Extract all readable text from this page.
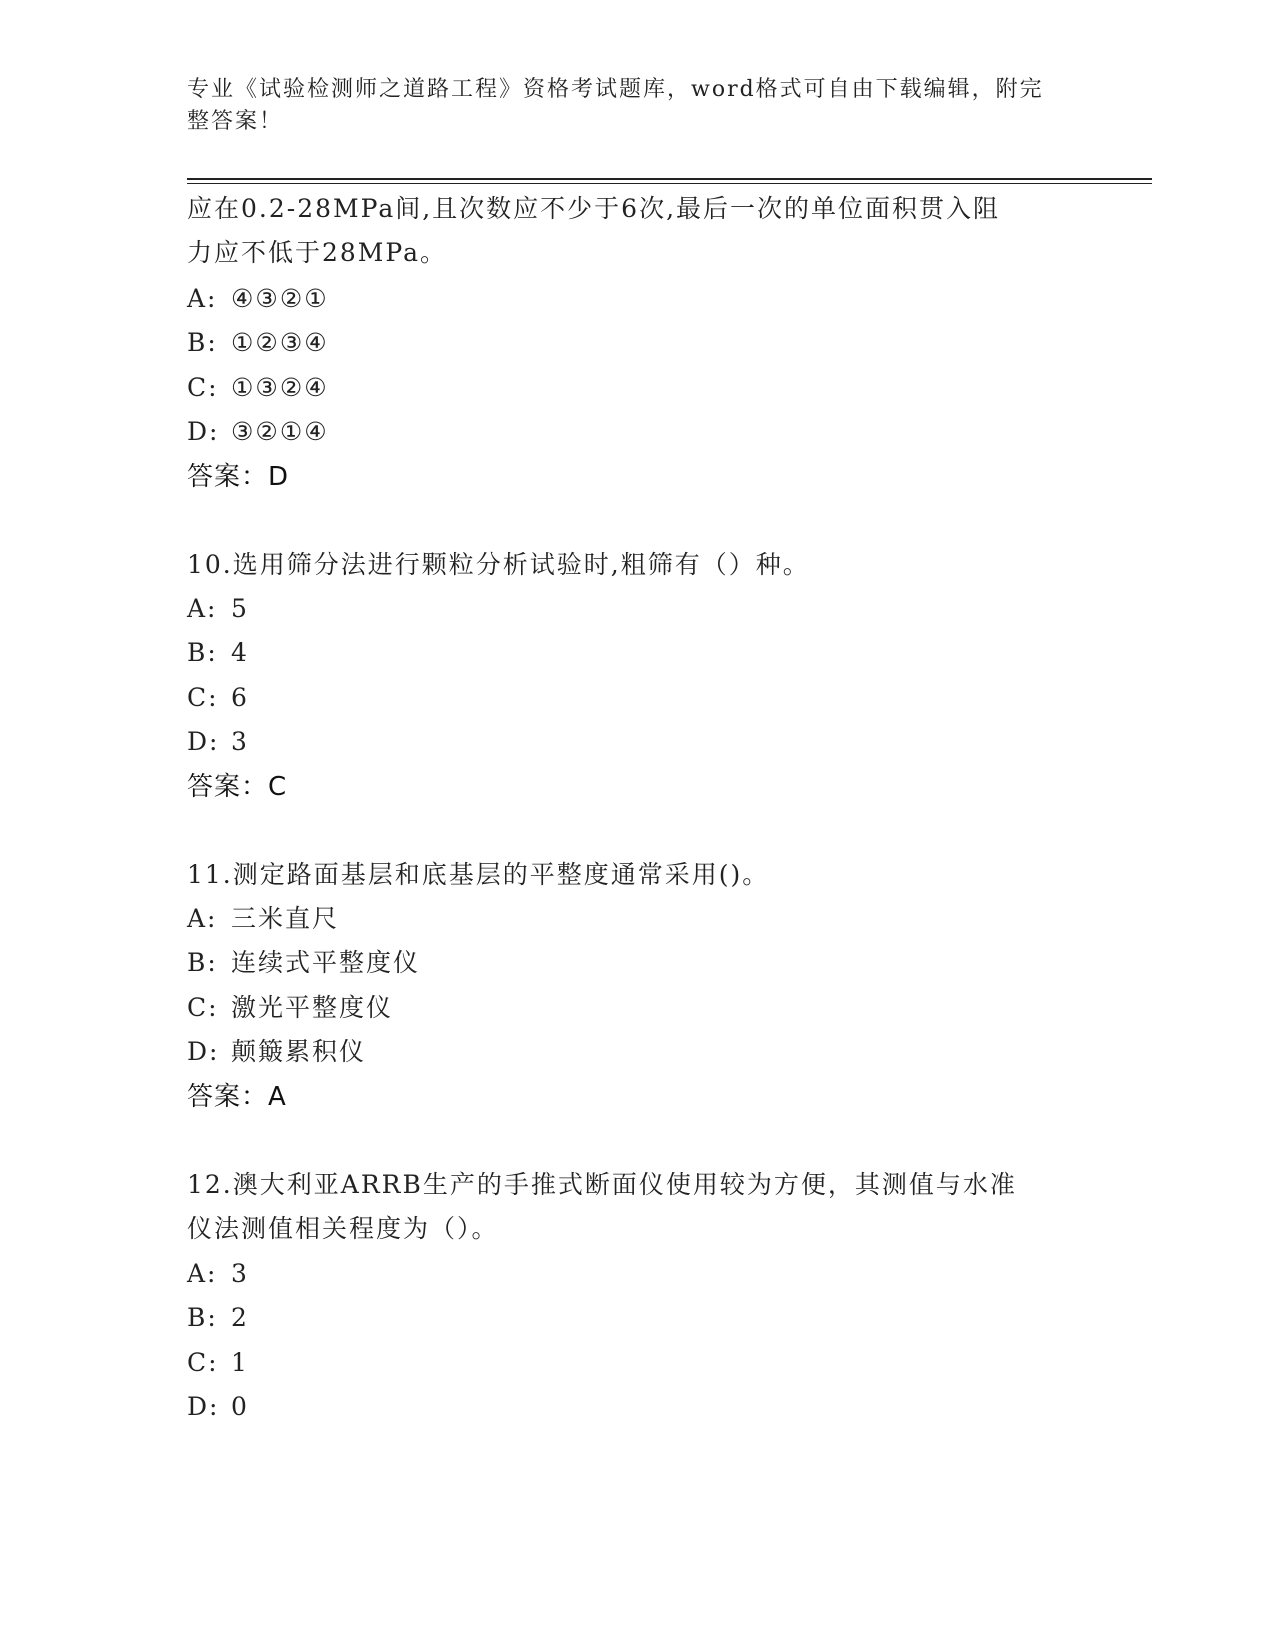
专业《试验检测师之道路工程》资格考试题库，word格式可自由下载编辑，附完
整答案！
应在0.2-28MPa间,且次数应不少于6次,最后一次的单位面积贯入阻
力应不低于28MPa。
A: ④③②①
B: ①②③④
C: ①③②④
D: ③②①④
答案：D
10.选用筛分法进行颗粒分析试验时,粗筛有（）种。
A: 5
B: 4
C: 6
D: 3
答案：C
11.测定路面基层和底基层的平整度通常采用()。
A: 三米直尺
B: 连续式平整度仪
C: 激光平整度仪
D: 颠簸累积仪
答案：A
12.澳大利亚ARRB生产的手推式断面仪使用较为方便，其测值与水准
仪法测值相关程度为（）。
A: 3
B: 2
C: 1
D: 0
